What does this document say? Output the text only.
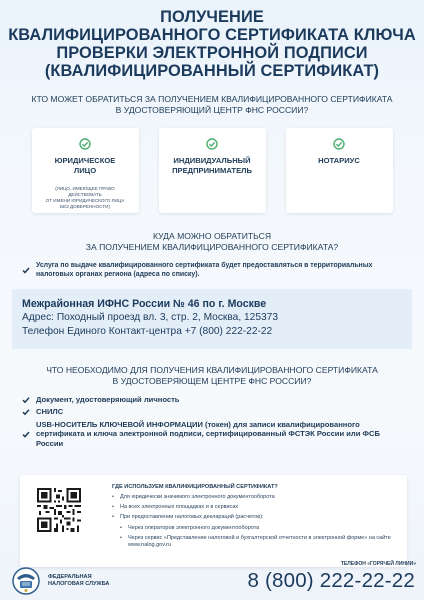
ПОЛУЧЕНИЕ
КВАЛИФИЦИРОВАННОГО СЕРТИФИКАТА КЛЮЧА
ПРОВЕРКИ ЭЛЕКТРОННОЙ ПОДПИСИ
(КВАЛИФИЦИРОВАННЫЙ СЕРТИФИКАТ)
КТО МОЖЕТ ОБРАТИТЬСЯ ЗА ПОЛУЧЕНИЕМ КВАЛИФИЦИРОВАННОГО СЕРТИФИКАТА
В УДОСТОВЕРЯЮЩИЙ ЦЕНТР ФНС РОССИИ?
ЮРИДИЧЕСКОЕ
ЛИЦО
(ЛИЦО, ИМЕЮЩЕЕ ПРАВО ДЕЙСТВОВАТЬ
ОТ ИМЕНИ ЮРИДИЧЕСКОГО ЛИЦА
БЕЗ ДОВЕРЕННОСТИ)
ИНДИВИДУАЛЬНЫЙ
ПРЕДПРИНИМАТЕЛЬ
НОТАРИУС
КУДА МОЖНО ОБРАТИТЬСЯ
ЗА ПОЛУЧЕНИЕМ КВАЛИФИЦИРОВАННОГО СЕРТИФИКАТА?
Услуга по выдаче квалифицированного сертификата будет предоставляться в территориальных налоговых органах региона (адреса по списку).
Межрайонная ИФНС России № 46 по г. Москве
Адрес: Походный проезд вл. 3, стр. 2, Москва, 125373
Телефон Единого Контакт-центра +7 (800) 222-22-22
ЧТО НЕОБХОДИМО ДЛЯ ПОЛУЧЕНИЯ КВАЛИФИЦИРОВАННОГО СЕРТИФИКАТА
В УДОСТОВЕРЯЮЩЕМ ЦЕНТРЕ ФНС РОССИИ?
Документ, удостоверяющий личность
СНИЛС
USB-НОСИТЕЛЬ КЛЮЧЕВОЙ ИНФОРМАЦИИ (токен) для записи квалифицированного сертификата и ключа электронной подписи, сертифицированный ФСТЭК России или ФСБ России
ГДЕ ИСПОЛЬЗУЕМ КВАЛИФИЦИРОВАННЫЙ СЕРТИФИКАТ?
•	Для юридически значимого электронного документооборота
•	На всех электронных площадках и в сервисах
•	При предоставлении налоговых деклараций (расчетов):
•	Через операторов электронного документооборота
•	Через сервис «Представление налоговой и бухгалтерской отчетности в электронной форме» на сайте www.nalog.gov.ru
ФЕДЕРАЛЬНАЯ
НАЛОГОВАЯ СЛУЖБА
ТЕЛЕФОН «ГОРЯЧЕЙ ЛИНИИ»
8 (800) 222-22-22
